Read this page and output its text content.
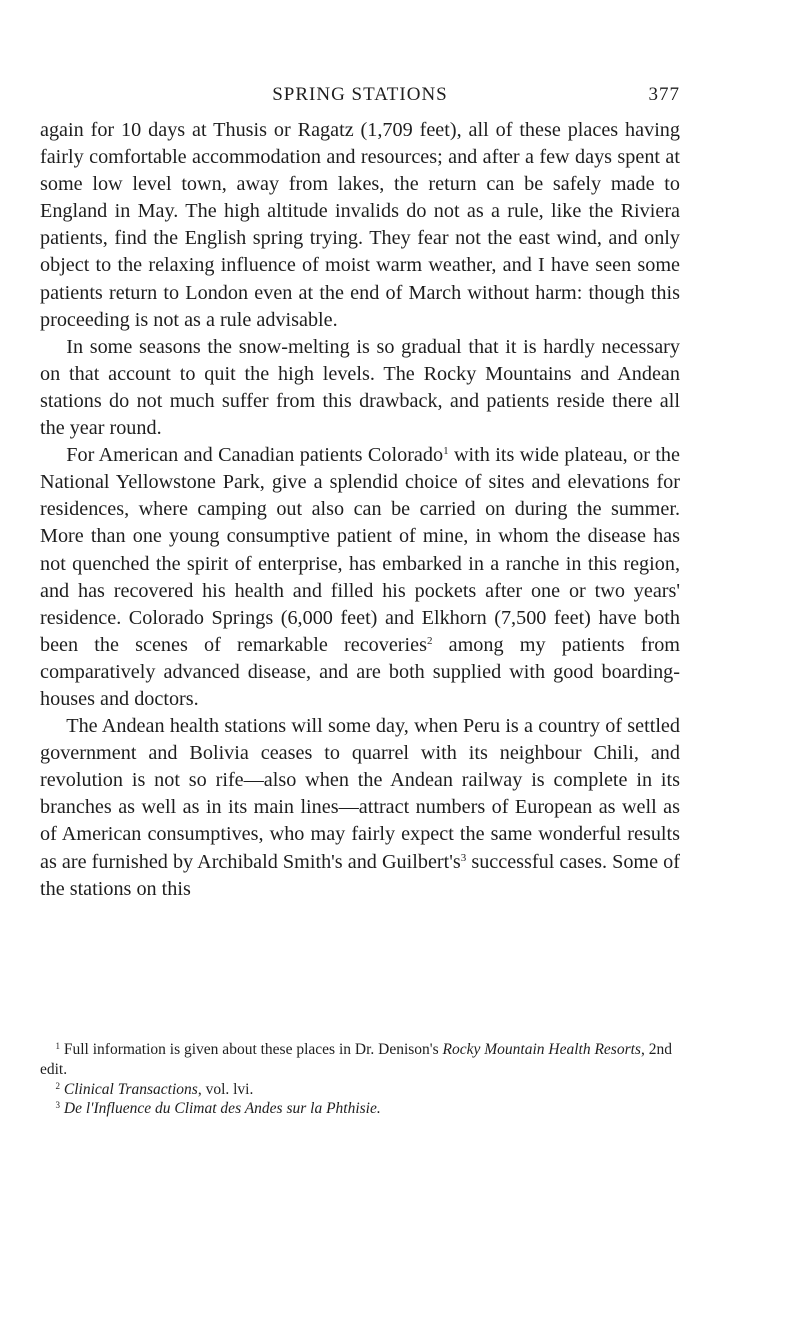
SPRING STATIONS	377

again for 10 days at Thusis or Ragatz (1,709 feet), all of these places having fairly comfortable accommodation and resources; and after a few days spent at some low level town, away from lakes, the return can be safely made to England in May. The high altitude invalids do not as a rule, like the Riviera patients, find the English spring trying. They fear not the east wind, and only object to the relaxing influence of moist warm weather, and I have seen some patients return to London even at the end of March without harm: though this proceeding is not as a rule advisable.

In some seasons the snow-melting is so gradual that it is hardly necessary on that account to quit the high levels. The Rocky Mountains and Andean stations do not much suffer from this drawback, and patients reside there all the year round.

For American and Canadian patients Colorado$^1$ with its wide plateau, or the National Yellowstone Park, give a splendid choice of sites and elevations for residences, where camping out also can be carried on during the summer. More than one young consumptive patient of mine, in whom the disease has not quenched the spirit of enterprise, has embarked in a ranche in this region, and has recovered his health and filled his pockets after one or two years' residence. Colorado Springs (6,000 feet) and Elkhorn (7,500 feet) have both been the scenes of remarkable recoveries$^2$ among my patients from comparatively advanced disease, and are both supplied with good boarding-houses and doctors.

The Andean health stations will some day, when Peru is a country of settled government and Bolivia ceases to quarrel with its neighbour Chili, and revolution is not so rife—also when the Andean railway is complete in its branches as well as in its main lines—attract numbers of European as well as of American consumptives, who may fairly expect the same wonderful results as are furnished by Archibald Smith's and $Guilbert's^3$ successful cases. Some of the stations on this

$^1$ Full information is given about these places in Dr. Denison's Rocky Mountain Health Resorts, 2nd edit.

$^2$ Clinical Transactions, vol. lvi.

$^3$ De l'Influence du Climat des Andes sur la Phthisie.
